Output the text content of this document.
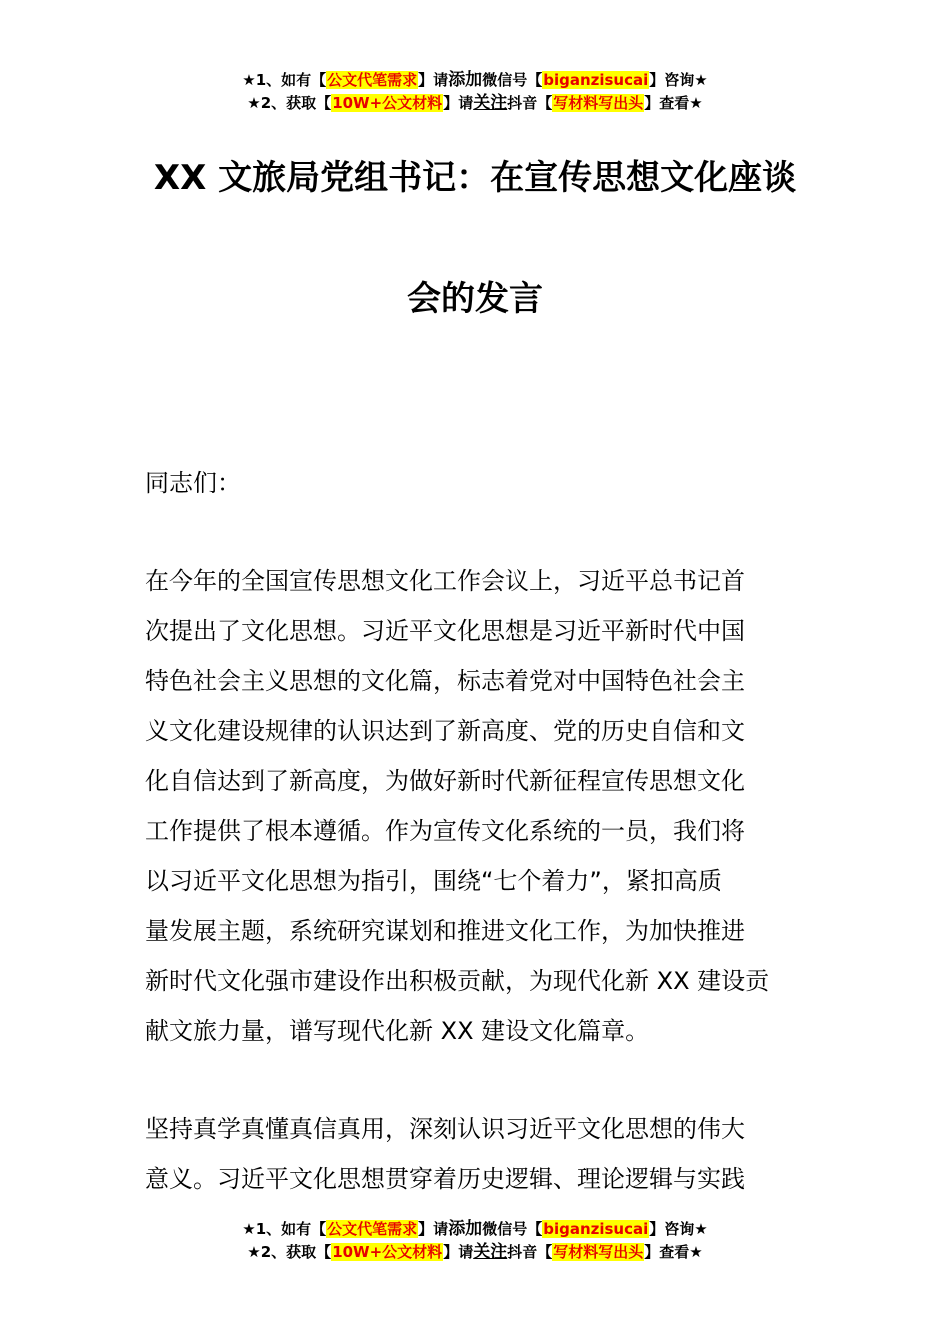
★1、如有【公文代笔需求】请添加微信号【biganzisucai】咨询★
★2、获取【10W+公文材料】请关注抖音【写材料写出头】查看★
XX 文旅局党组书记：在宣传思想文化座谈
会的发言
同志们：
在今年的全国宣传思想文化工作会议上，习近平总书记首
次提出了文化思想。习近平文化思想是习近平新时代中国
特色社会主义思想的文化篇，标志着党对中国特色社会主
义文化建设规律的认识达到了新高度、党的历史自信和文
化自信达到了新高度，为做好新时代新征程宣传思想文化
工作提供了根本遵循。作为宣传文化系统的一员，我们将
以习近平文化思想为指引，围绕“七个着力”，紧扣高质
量发展主题，系统研究谋划和推进文化工作，为加快推进
新时代文化强市建设作出积极贡献，为现代化新 XX 建设贡
献文旅力量，谱写现代化新 XX 建设文化篇章。
坚持真学真懂真信真用，深刻认识习近平文化思想的伟大
意义。习近平文化思想贯穿着历史逻辑、理论逻辑与实践
★1、如有【公文代笔需求】请添加微信号【biganzisucai】咨询★
★2、获取【10W+公文材料】请关注抖音【写材料写出头】查看★
